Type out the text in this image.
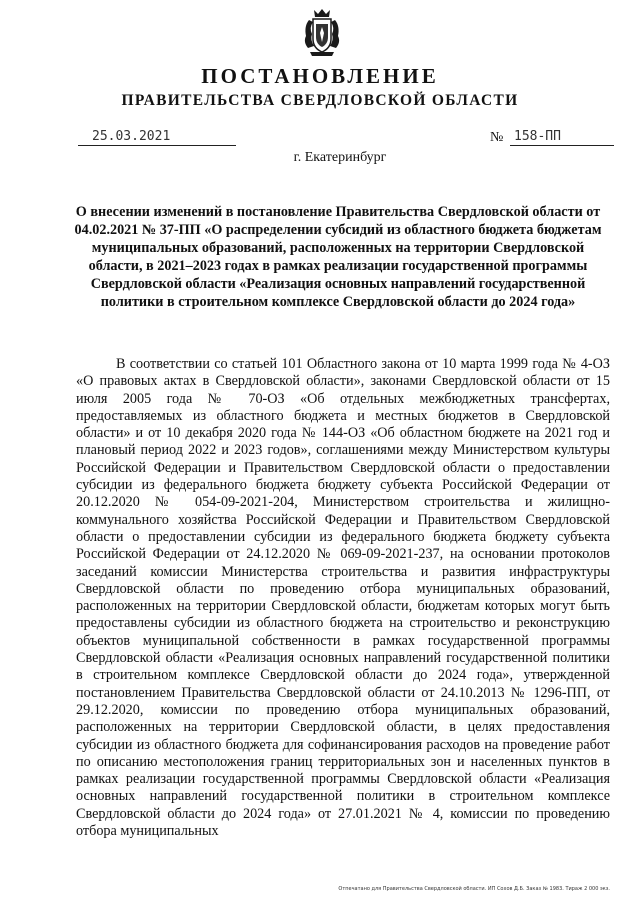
ПОСТАНОВЛЕНИЕ
ПРАВИТЕЛЬСТВА СВЕРДЛОВСКОЙ ОБЛАСТИ
25.03.2021	№ 158-ПП
г. Екатеринбург

О внесении изменений в постановление Правительства Свердловской области от 04.02.2021 № 37-ПП «О распределении субсидий из областного бюджета бюджетам муниципальных образований, расположенных на территории Свердловской области, в 2021–2023 годах в рамках реализации государственной программы Свердловской области «Реализация основных направлений государственной политики в строительном комплексе Свердловской области до 2024 года»

В соответствии со статьей 101 Областного закона от 10 марта 1999 года № 4-ОЗ «О правовых актах в Свердловской области», законами Свердловской области от 15 июля 2005 года № 70-ОЗ «Об отдельных межбюджетных трансфертах, предоставляемых из областного бюджета и местных бюджетов в Свердловской области» и от 10 декабря 2020 года № 144-ОЗ «Об областном бюджете на 2021 год и плановый период 2022 и 2023 годов», соглашениями между Министерством культуры Российской Федерации и Правительством Свердловской области о предоставлении субсидии из федерального бюджета бюджету субъекта Российской Федерации от 20.12.2020 № 054-09-2021-204, Министерством строительства и жилищно-коммунального хозяйства Российской Федерации и Правительством Свердловской области о предоставлении субсидии из федерального бюджета бюджету субъекта Российской Федерации от 24.12.2020 № 069-09-2021-237, на основании протоколов заседаний комиссии Министерства строительства и развития инфраструктуры Свердловской области по проведению отбора муниципальных образований, расположенных на территории Свердловской области, бюджетам которых могут быть предоставлены субсидии из областного бюджета на строительство и реконструкцию объектов муниципальной собственности в рамках государственной программы Свердловской области «Реализация основных направлений государственной политики в строительном комплексе Свердловской области до 2024 года», утвержденной постановлением Правительства Свердловской области от 24.10.2013 № 1296-ПП, от 29.12.2020, комиссии по проведению отбора муниципальных образований, расположенных на территории Свердловской области, в целях предоставления субсидии из областного бюджета для софинансирования расходов на проведение работ по описанию местоположения границ территориальных зон и населенных пунктов в рамках реализации государственной программы Свердловской области «Реализация основных направлений государственной политики в строительном комплексе Свердловской области до 2024 года» от 27.01.2021 № 4, комиссии по проведению отбора муниципальных

Отпечатано для Правительства Свердловской области. ИП Сохов Д.Б. Заказ № 1983. Тираж 2 000 экз.
